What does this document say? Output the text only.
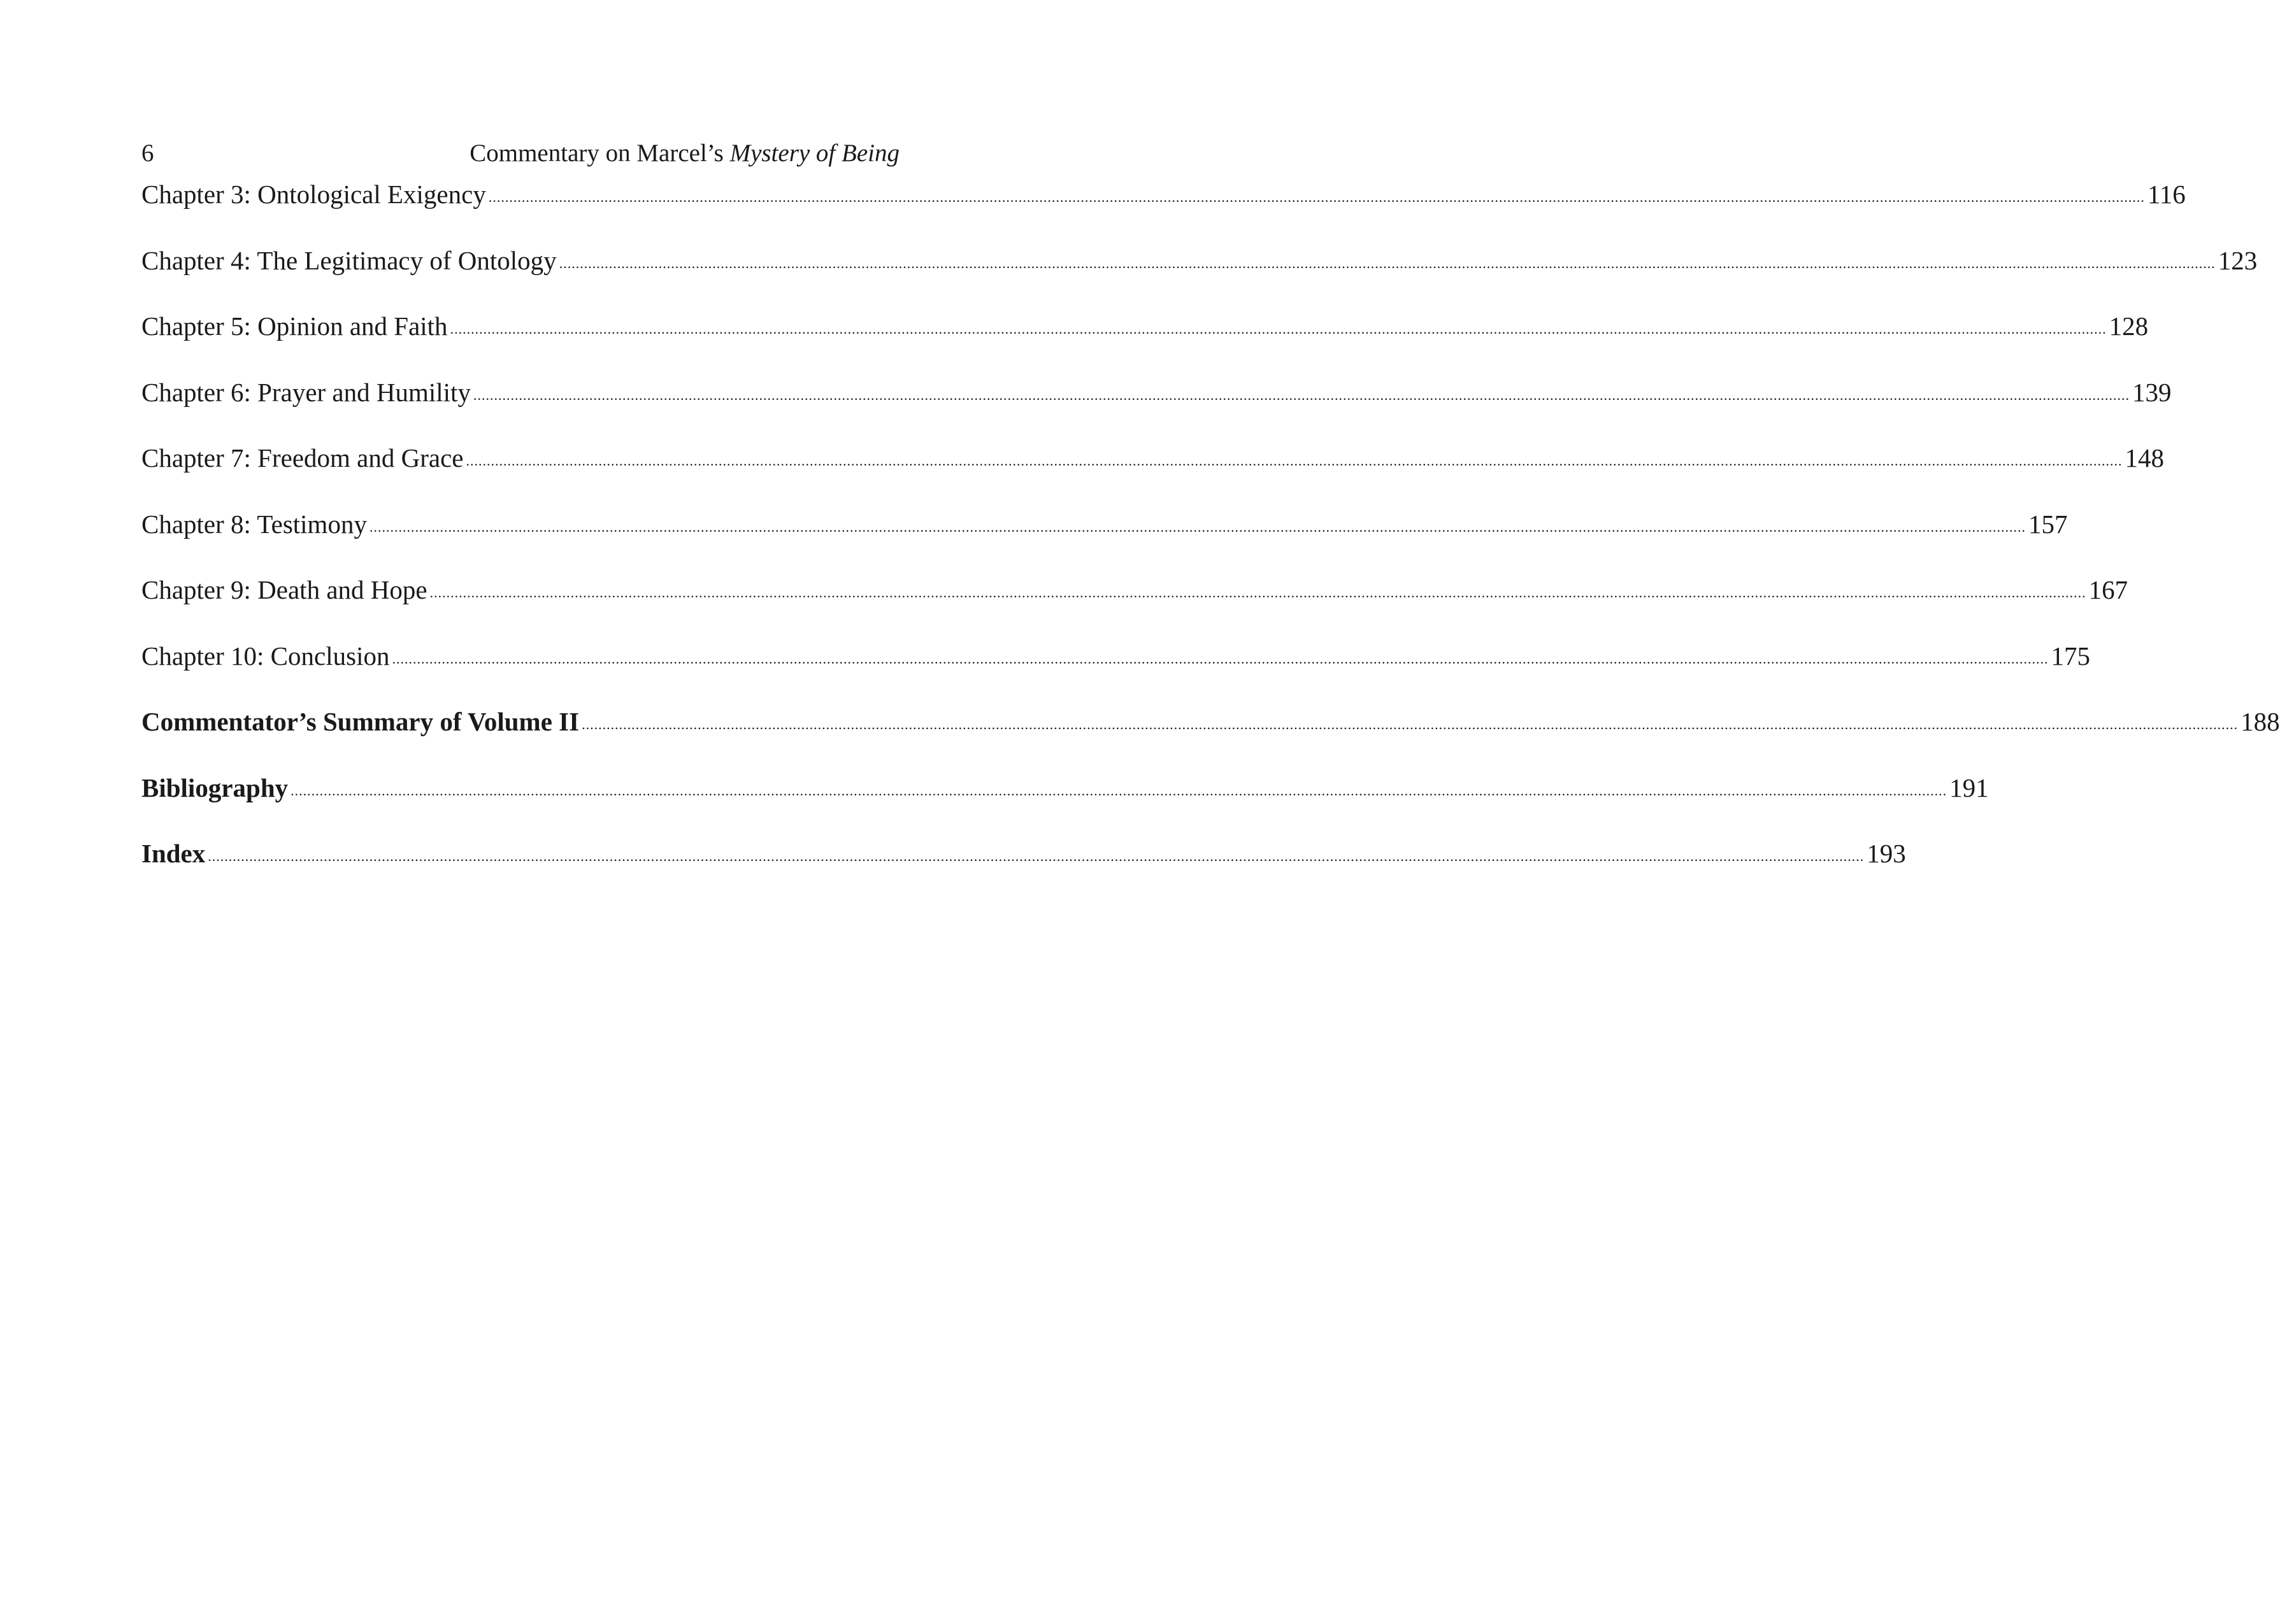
6	Commentary on Marcel’s Mystery of Being
Chapter 3: Ontological Exigency ................................................................................................................................................................................................................................................................................................................................................................................................................ 116
Chapter 4: The Legitimacy of Ontology ................................................................................................................................................................................................................................................................................................................................................................................................................ 123
Chapter 5: Opinion and Faith ................................................................................................................................................................................................................................................................................................................................................................................................................ 128
Chapter 6: Prayer and Humility ................................................................................................................................................................................................................................................................................................................................................................................................................ 139
Chapter 7: Freedom and Grace ................................................................................................................................................................................................................................................................................................................................................................................................................ 148
Chapter 8: Testimony ................................................................................................................................................................................................................................................................................................................................................................................................................ 157
Chapter 9: Death and Hope ................................................................................................................................................................................................................................................................................................................................................................................................................ 167
Chapter 10: Conclusion ................................................................................................................................................................................................................................................................................................................................................................................................................ 175
Commentator’s Summary of Volume II ................................................................................................................................................................................................................................................................................................................................................................................................................ 188
Bibliography ................................................................................................................................................................................................................................................................................................................................................................................................................ 191
Index ................................................................................................................................................................................................................................................................................................................................................................................................................ 193
